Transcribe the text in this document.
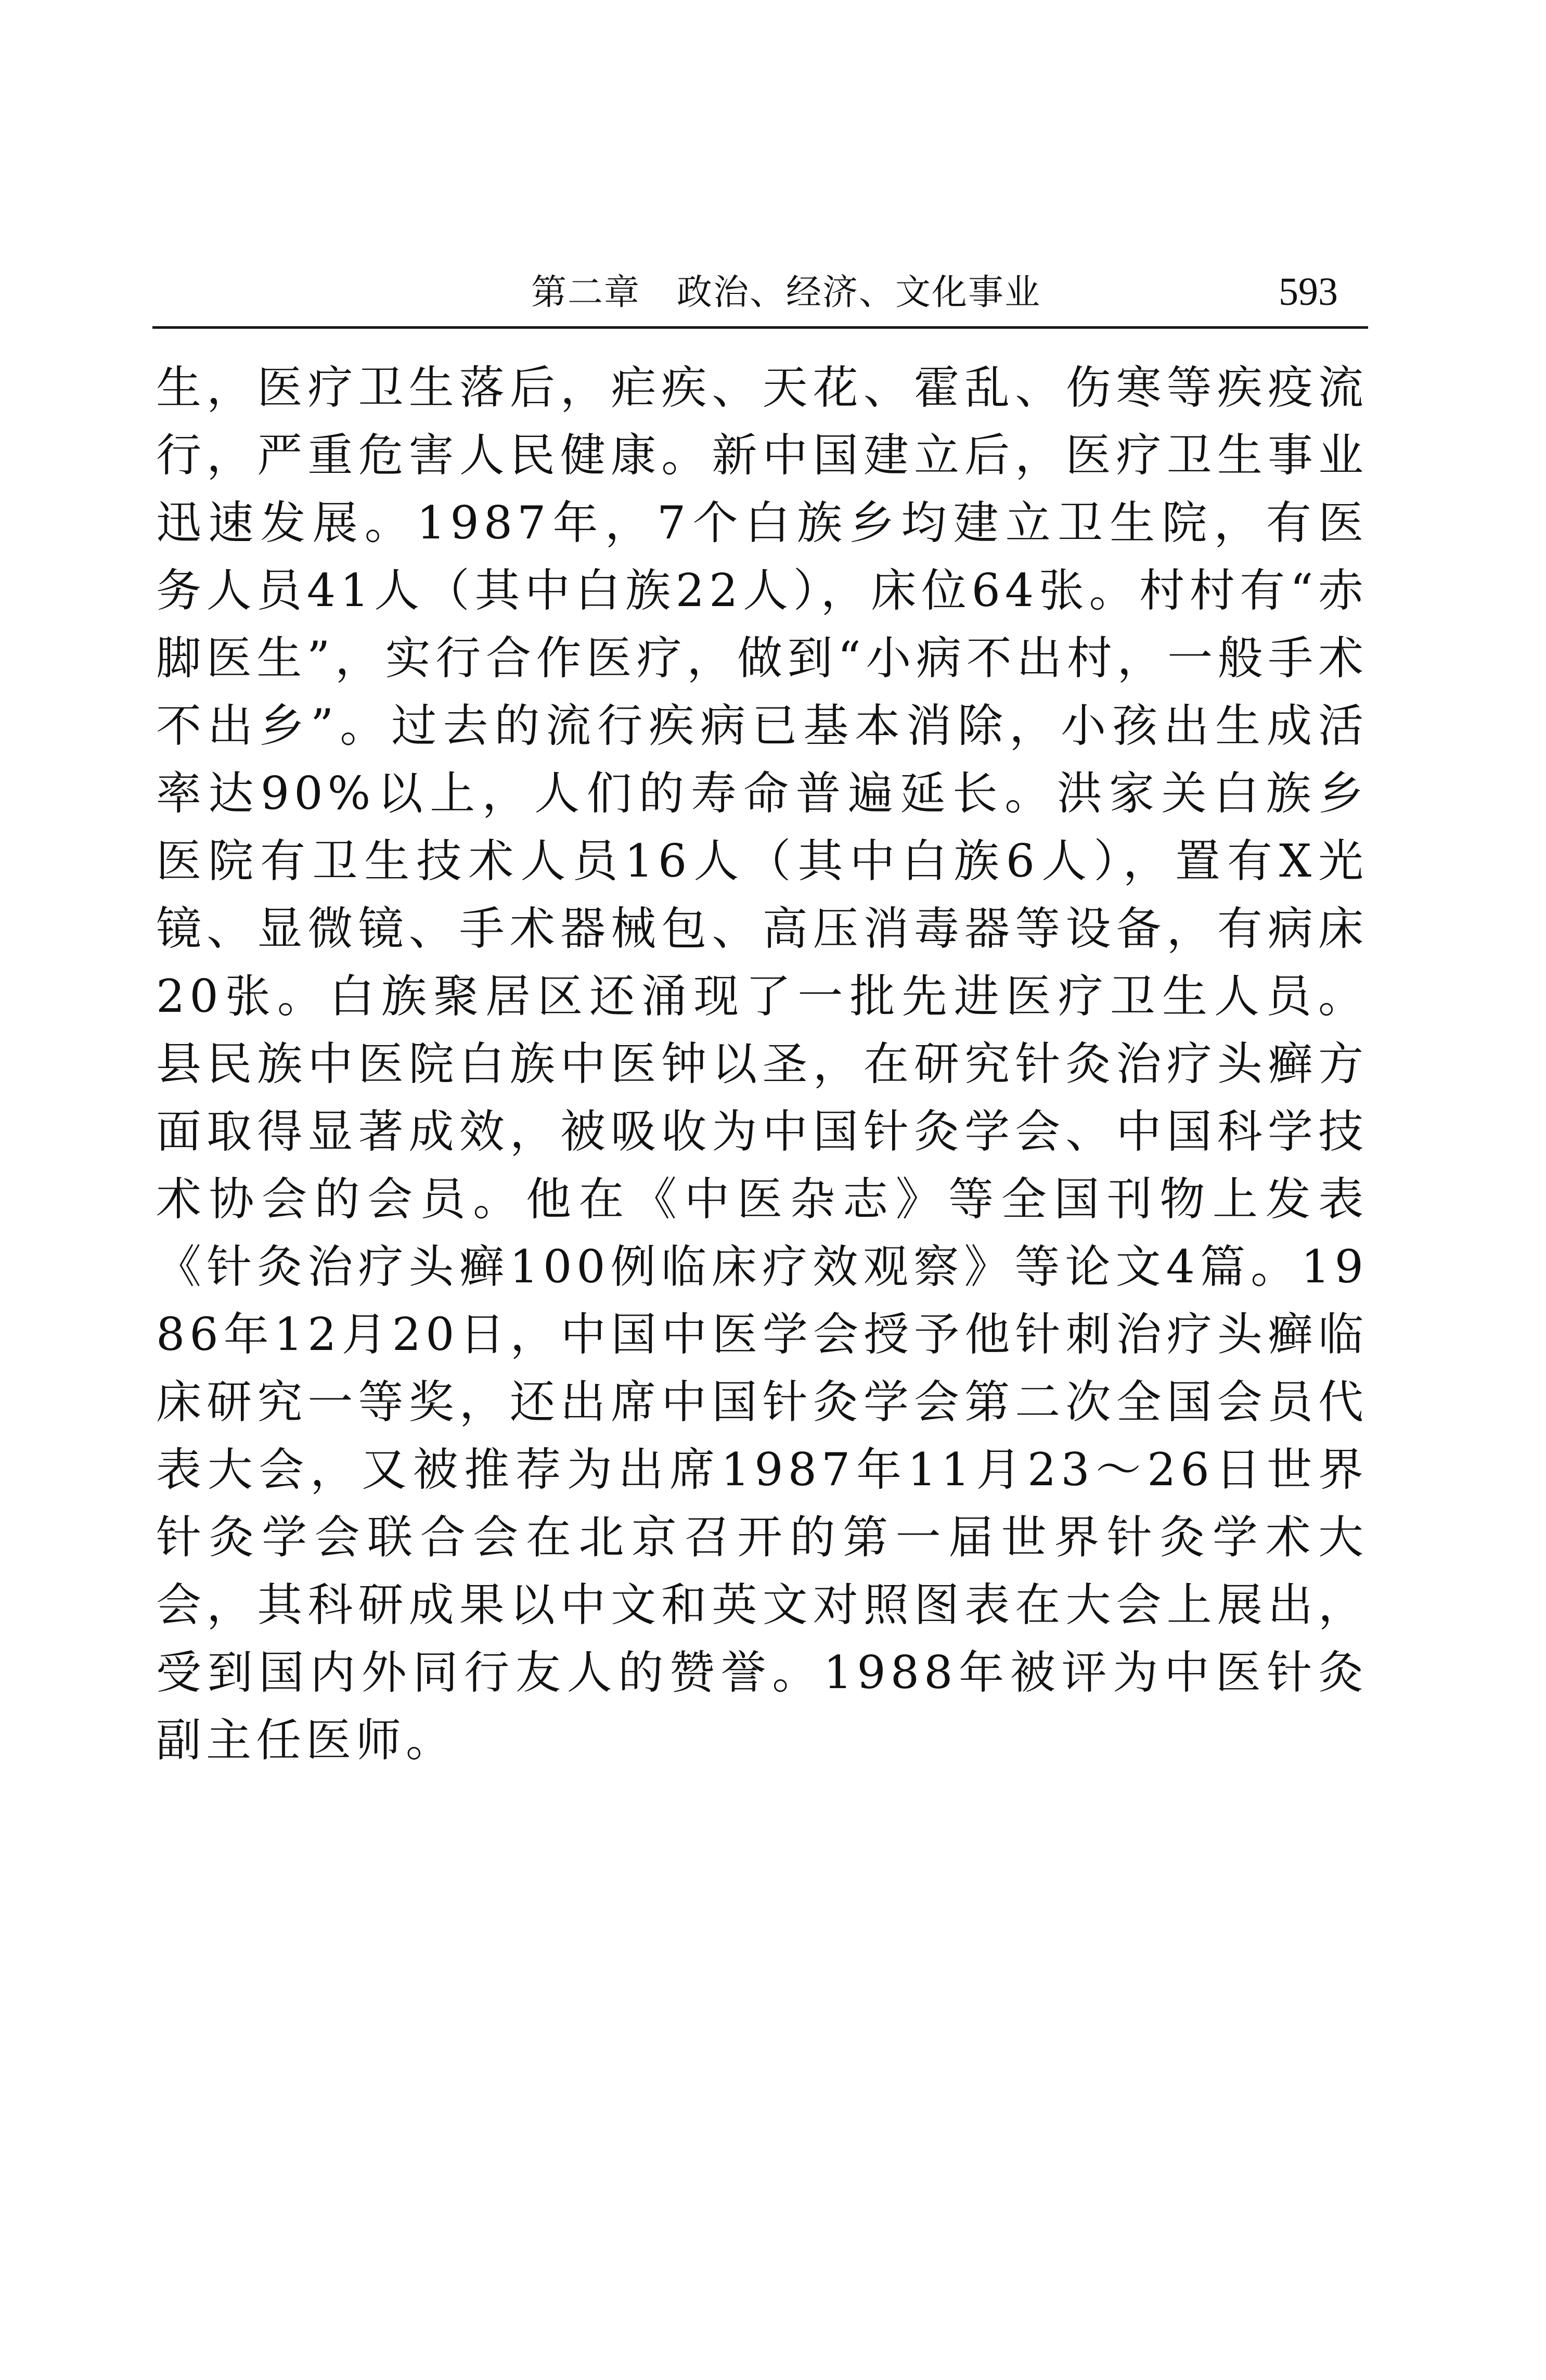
第二章　政治、经济、文化事业	593

生，医疗卫生落后，疟疾、天花、霍乱、伤寒等疾疫流行，严重危害人民健康。新中国建立后，医疗卫生事业迅速发展。1987年，7个白族乡均建立卫生院，有医务人员41人（其中白族22人），床位64张。村村有“赤脚医生”，实行合作医疗，做到“小病不出村，一般手术不出乡”。过去的流行疾病已基本消除，小孩出生成活率达90%以上，人们的寿命普遍延长。洪家关白族乡医院有卫生技术人员16人（其中白族6人），置有X光镜、显微镜、手术器械包、高压消毒器等设备，有病床20张。白族聚居区还涌现了一批先进医疗卫生人员。县民族中医院白族中医钟以圣，在研究针灸治疗头癣方面取得显著成效，被吸收为中国针灸学会、中国科学技术协会的会员。他在《中医杂志》等全国刊物上发表《针灸治疗头癣100例临床疗效观察》等论文4篇。1986年12月20日，中国中医学会授予他针刺治疗头癣临床研究一等奖，还出席中国针灸学会第二次全国会员代表大会，又被推荐为出席1987年11月23～26日世界针灸学会联合会在北京召开的第一届世界针灸学术大会，其科研成果以中文和英文对照图表在大会上展出，受到国内外同行友人的赞誉。1988年被评为中医针灸副主任医师。
